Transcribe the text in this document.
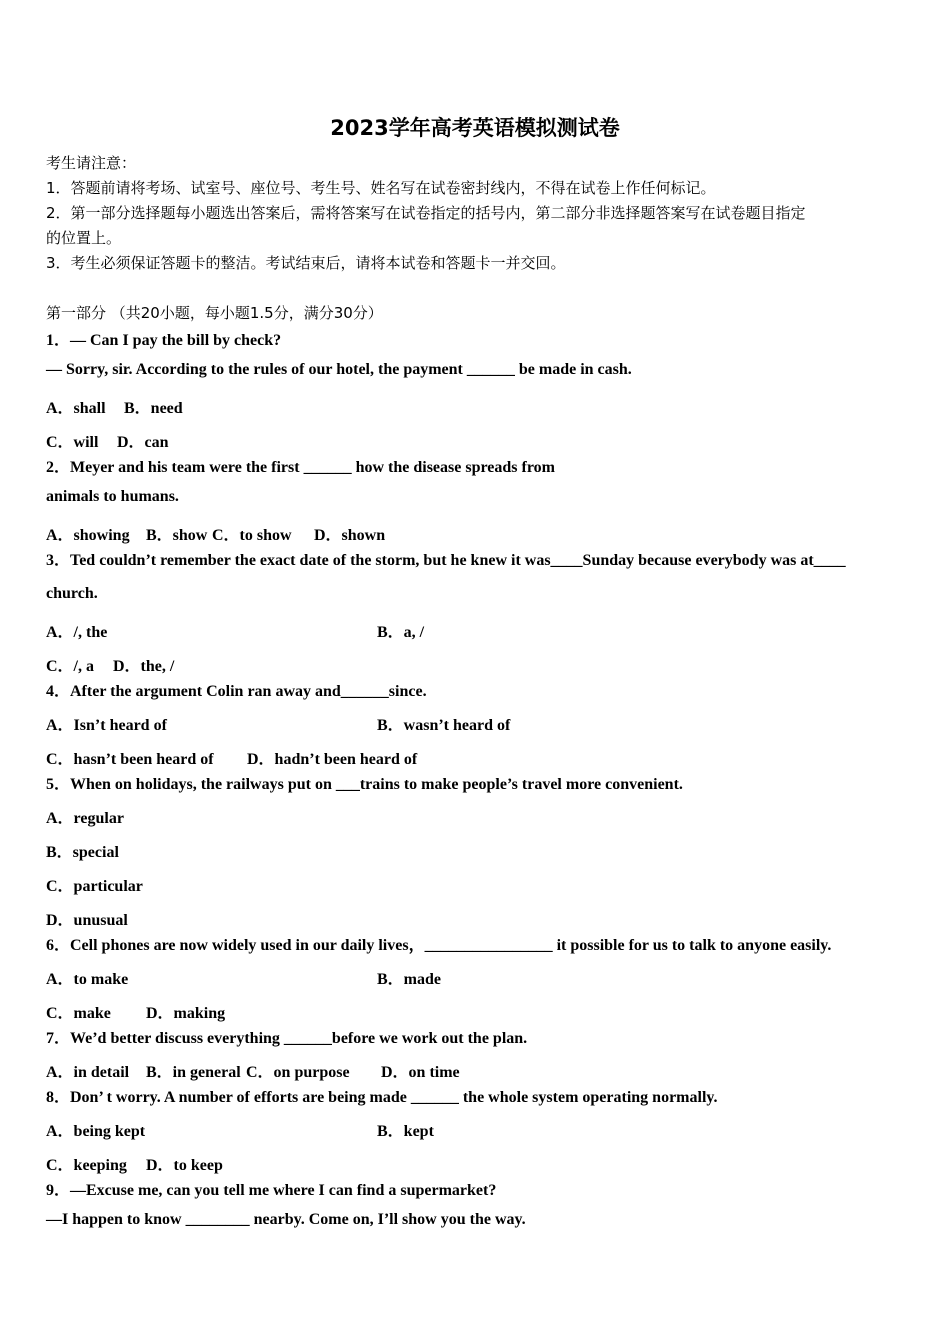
2023学年高考英语模拟测试卷
考生请注意：
1．答题前请将考场、试室号、座位号、考生号、姓名写在试卷密封线内，不得在试卷上作任何标记。
2．第一部分选择题每小题选出答案后，需将答案写在试卷指定的括号内，第二部分非选择题答案写在试卷题目指定
的位置上。
3．考生必须保证答题卡的整洁。考试结束后，请将本试卷和答题卡一并交回。
第一部分 （共20小题，每小题1.5分，满分30分）
1．— Can I pay the bill by check?
— Sorry, sir. According to the rules of our hotel, the payment ______ be made in cash.
A．shall B．need
C．will D．can
2．Meyer and his team were the first ______ how the disease spreads from
animals to humans.
A．showing B．show C．to show D．shown
3．Ted couldn’t remember the exact date of the storm, but he knew it was____Sunday because everybody was at____
church.
A．/, the	B．a, /
C．/, a D．the, /
4．After the argument Colin ran away and______since.
A．Isn’t heard of	B．wasn’t heard of
C．hasn’t been heard of D．hadn’t been heard of
5．When on holidays, the railways put on ___trains to make people’s travel more convenient.
A．regular
B．special
C．particular
D．unusual
6．Cell phones are now widely used in our daily lives，________________ it possible for us to talk to anyone easily.
A．to make	B．made
C．make D．making
7．We’d better discuss everything ______before we work out the plan.
A．in detail B．in general C．on purpose D．on time
8．Don’ t worry. A number of efforts are being made ______ the whole system operating normally.
A．being kept	B．kept
C．keeping D．to keep
9．—Excuse me, can you tell me where I can find a supermarket?
—I happen to know ________ nearby. Come on, I’ll show you the way.
